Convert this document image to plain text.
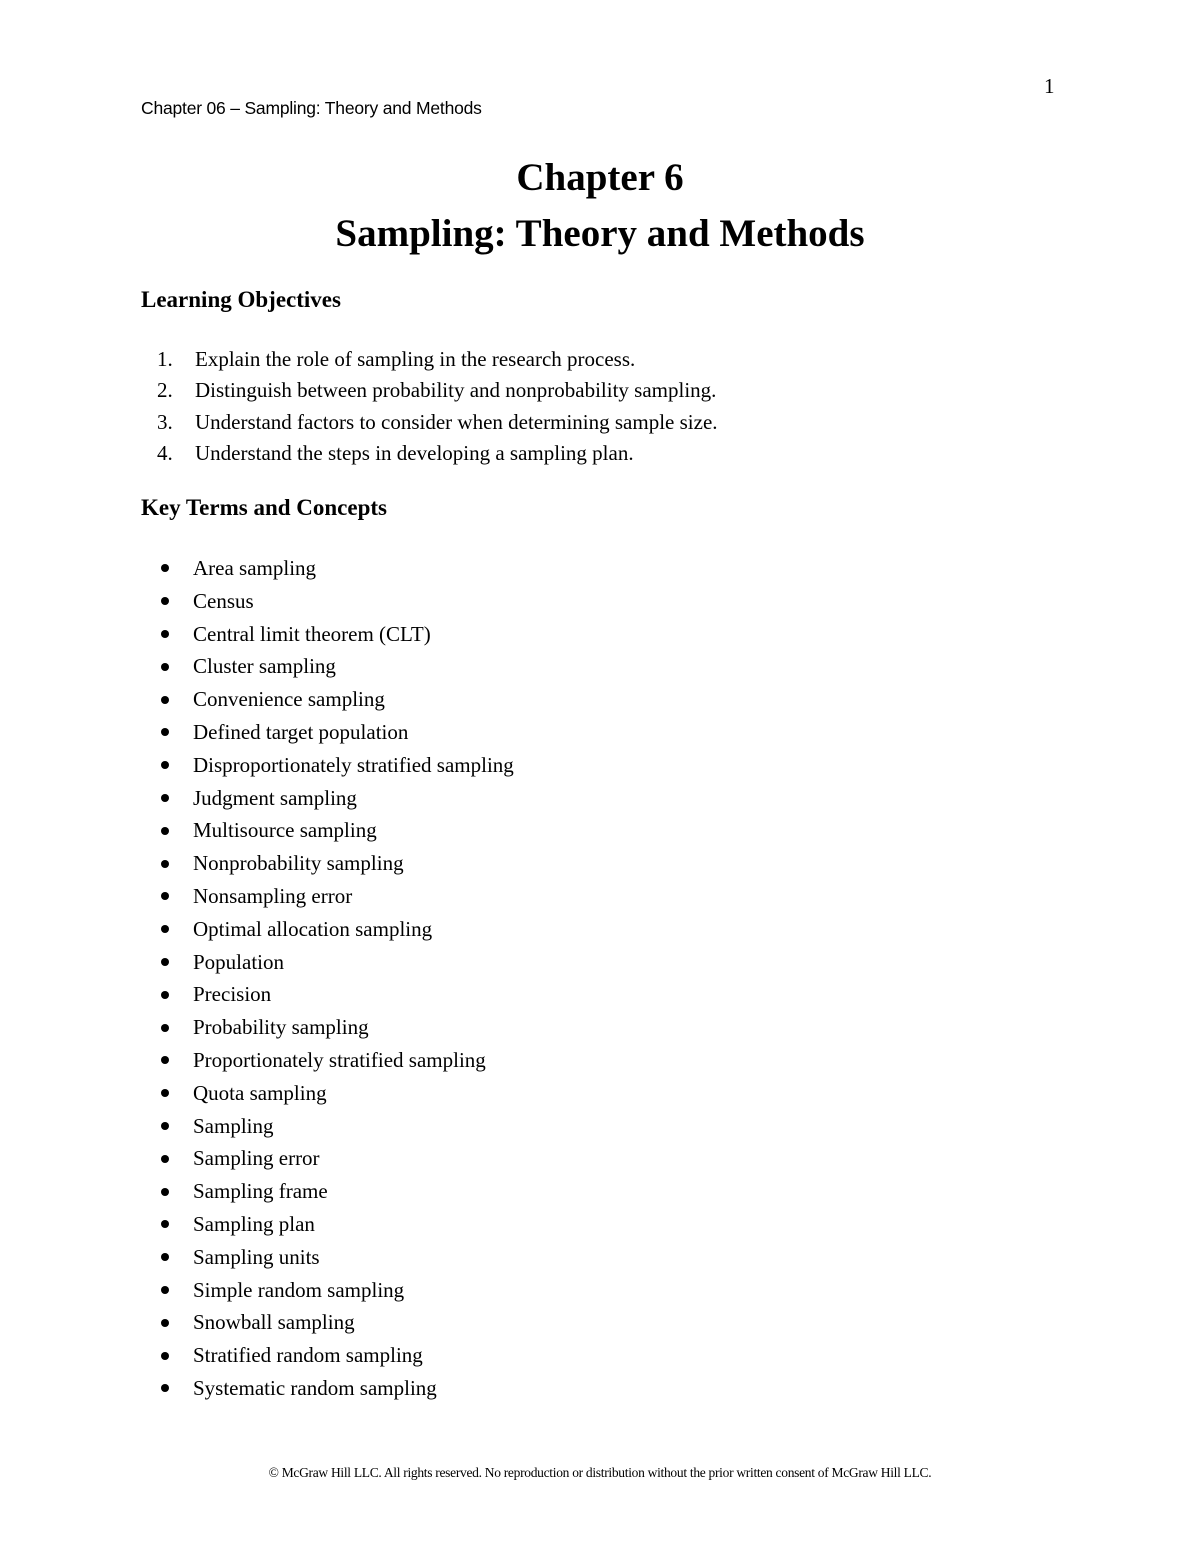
1
Chapter 06 – Sampling: Theory and Methods
Chapter 6
Sampling: Theory and Methods
Learning Objectives
1.	Explain the role of sampling in the research process.
2.	Distinguish between probability and nonprobability sampling.
3.	Understand factors to consider when determining sample size.
4.	Understand the steps in developing a sampling plan.
Key Terms and Concepts
Area sampling
Census
Central limit theorem (CLT)
Cluster sampling
Convenience sampling
Defined target population
Disproportionately stratified sampling
Judgment sampling
Multisource sampling
Nonprobability sampling
Nonsampling error
Optimal allocation sampling
Population
Precision
Probability sampling
Proportionately stratified sampling
Quota sampling
Sampling
Sampling error
Sampling frame
Sampling plan
Sampling units
Simple random sampling
Snowball sampling
Stratified random sampling
Systematic random sampling
© McGraw Hill LLC. All rights reserved. No reproduction or distribution without the prior written consent of McGraw Hill LLC.
